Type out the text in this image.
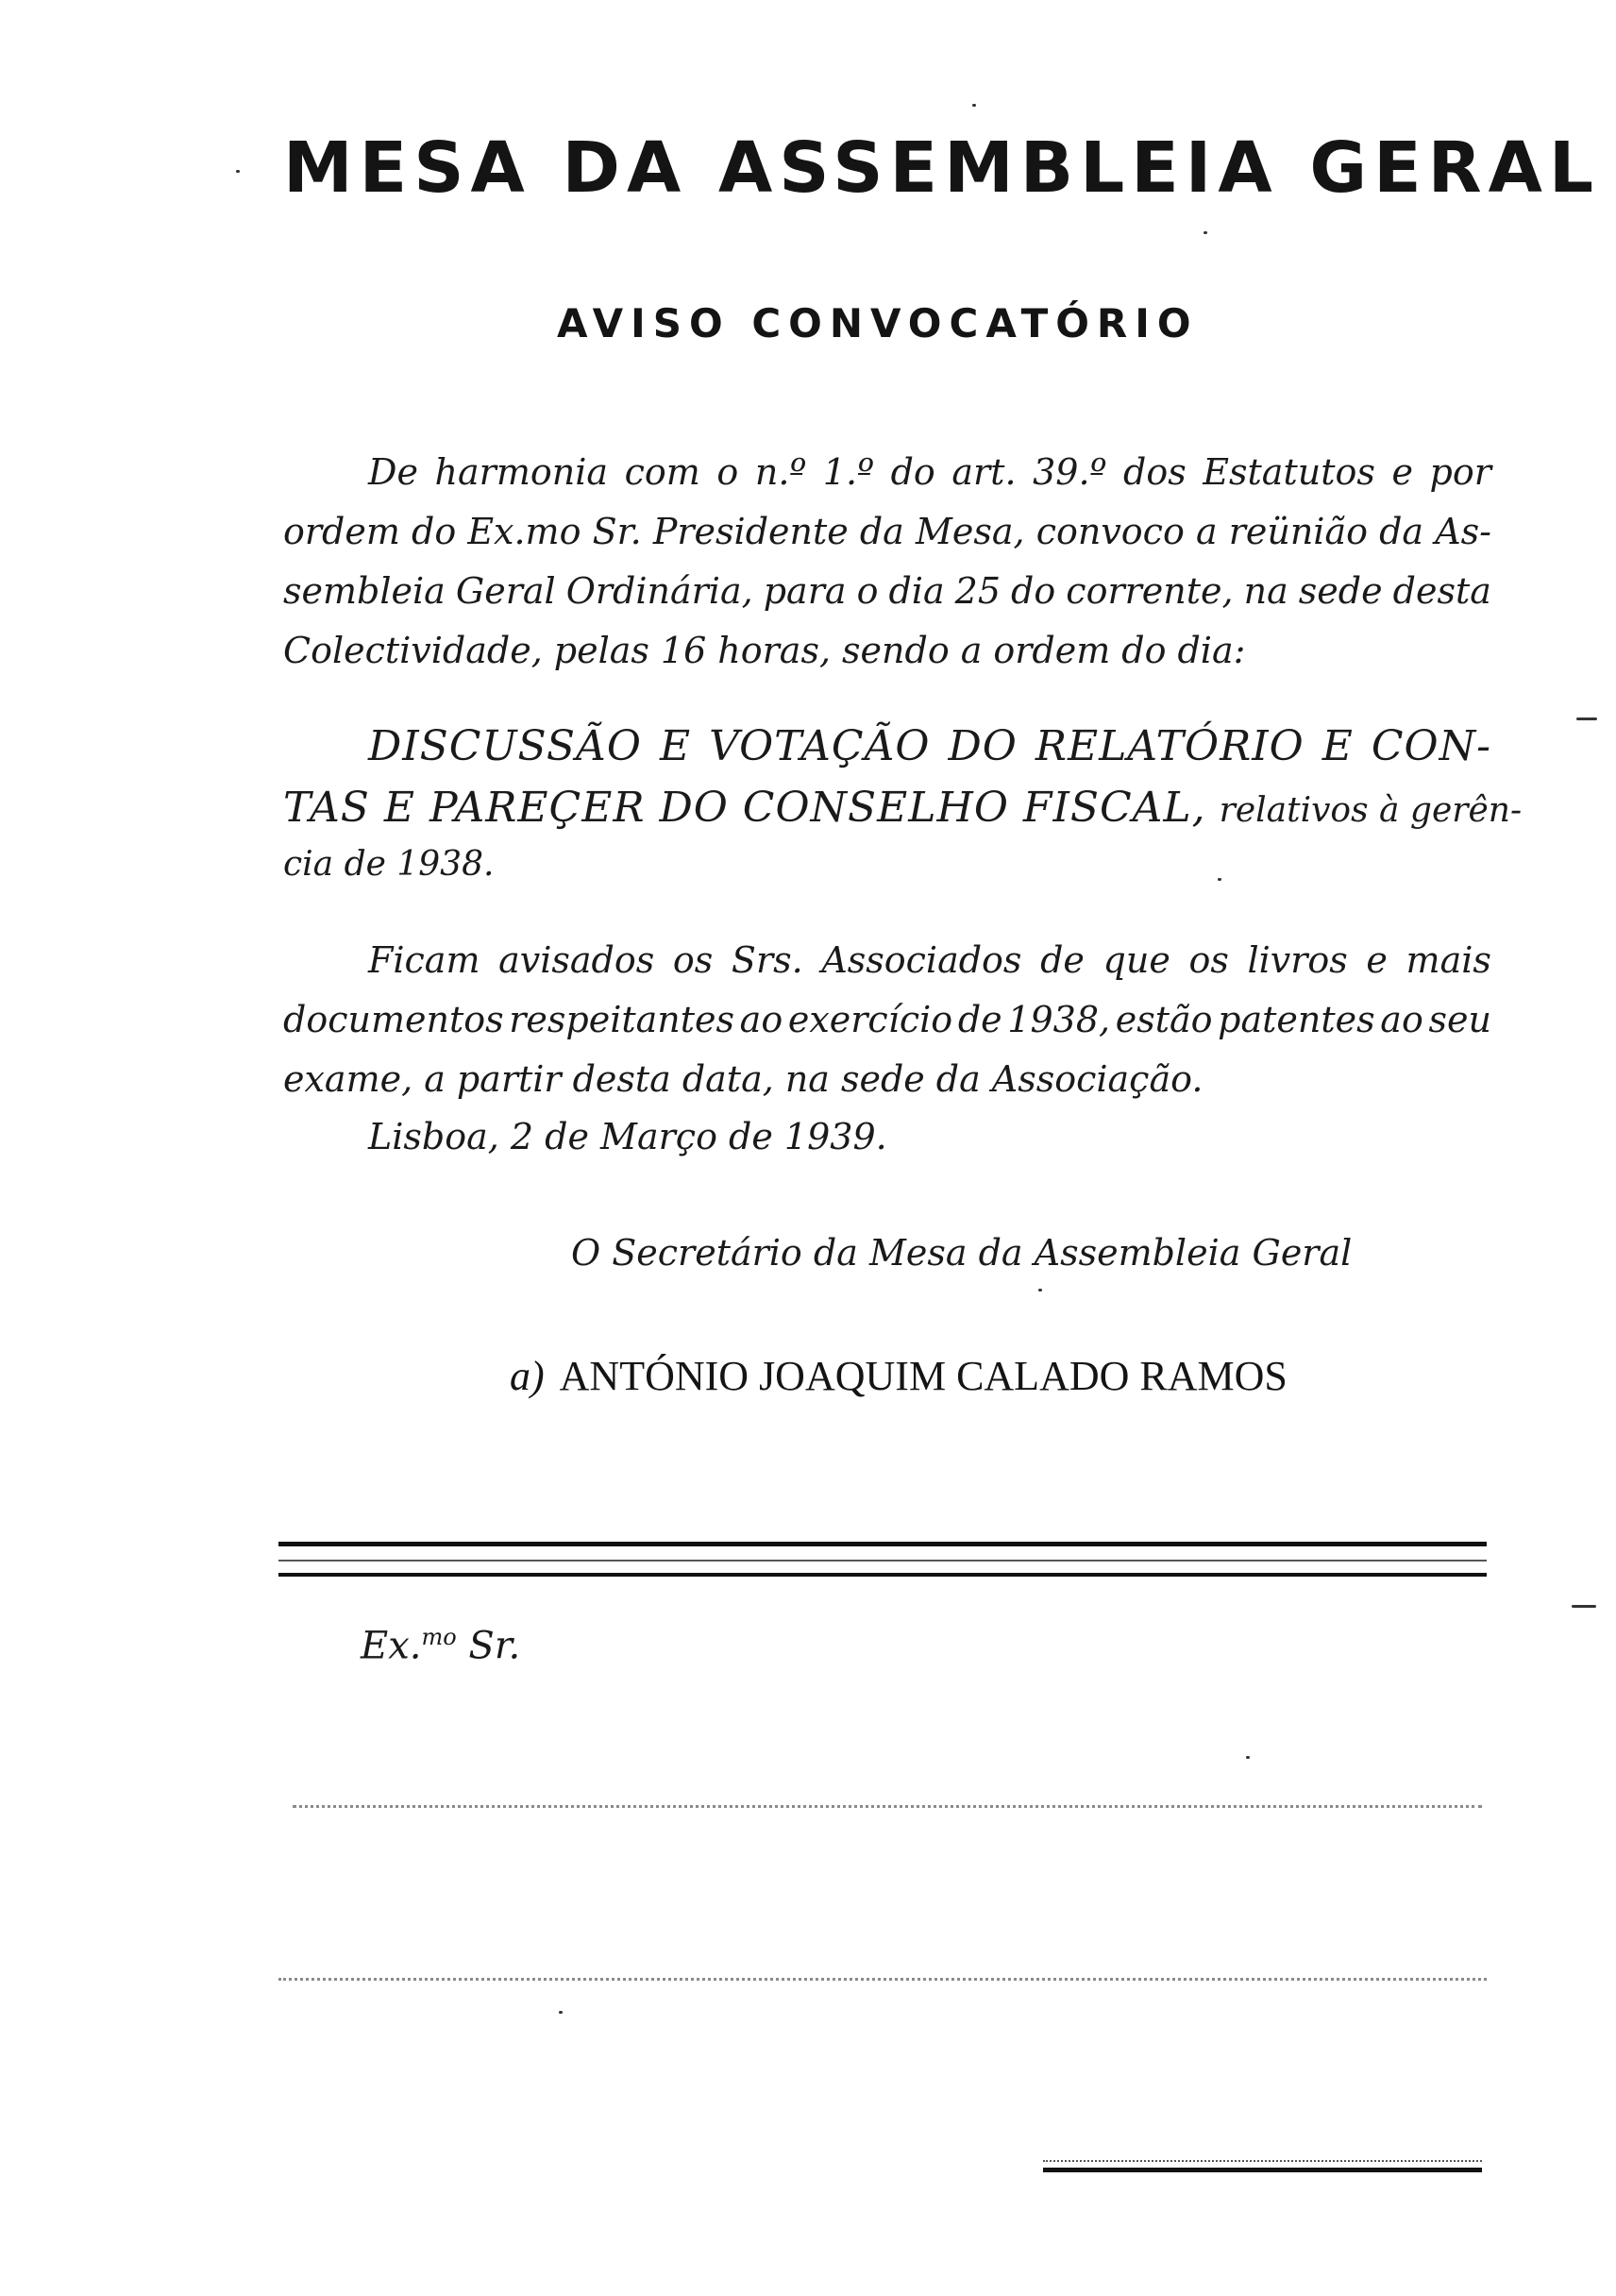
MESA DA ASSEMBLEIA GERAL
AVISO CONVOCATÓRIO
De harmonia com o n.º 1.º do art. 39.º dos Estatutos e por
ordem do Ex.mo Sr. Presidente da Mesa, convoco a reünião da As-
sembleia Geral Ordinária, para o dia 25 do corrente, na sede desta
Colectividade, pelas 16 horas, sendo a ordem do dia:
DISCUSSÃO E VOTAÇÃO DO RELATÓRIO E CON-
TAS E PAREÇER DO CONSELHO FISCAL, relativos à gerên-
cia de 1938.
Ficam avisados os Srs. Associados de que os livros e mais
documentos respeitantes ao exercício de 1938, estão patentes ao seu
exame, a partir desta data, na sede da Associação.
Lisboa, 2 de Março de 1939.
O Secretário da Mesa da Assembleia Geral
a) ANTÓNIO JOAQUIM CALADO RAMOS
Ex.$^{mo}$ Sr.
